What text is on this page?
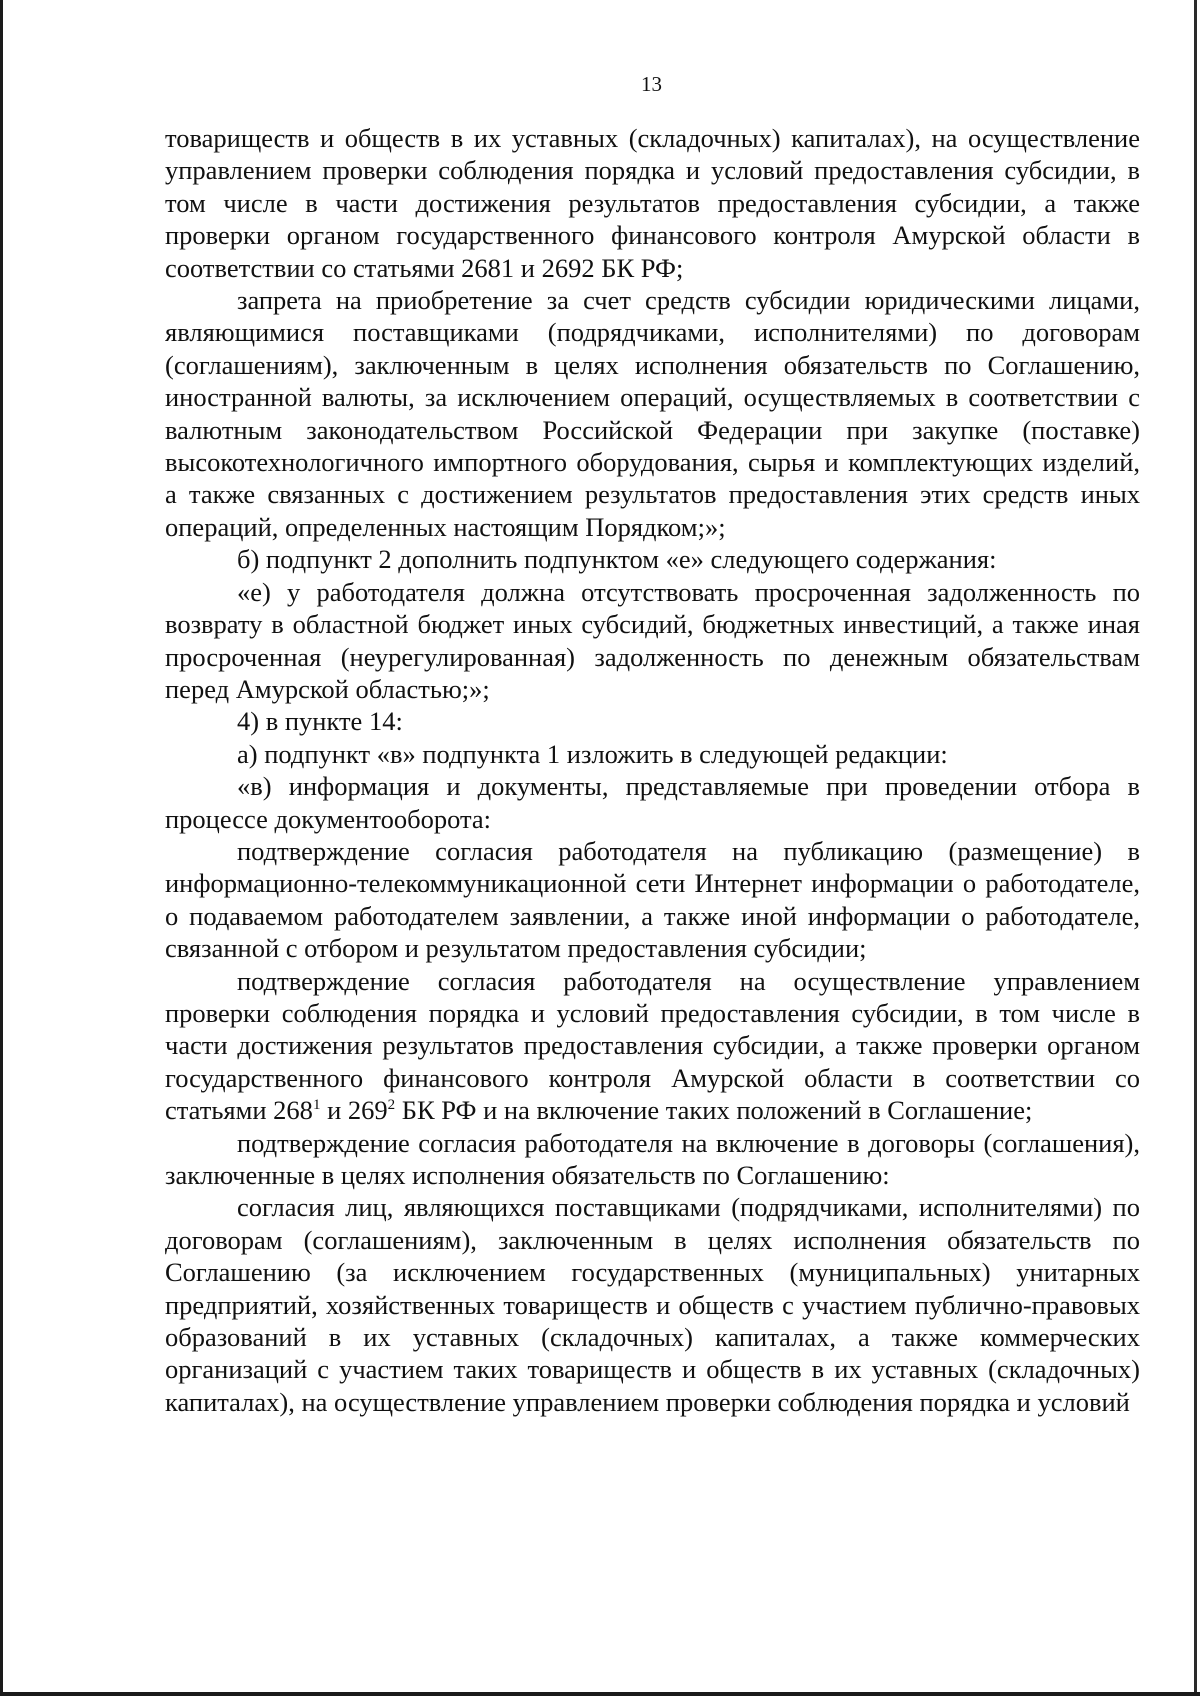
13

товариществ и обществ в их уставных (складочных) капиталах), на осуществление управлением проверки соблюдения порядка и условий предоставления субсидии, в том числе в части достижения результатов предоставления субсидии, а также проверки органом государственного финансового контроля Амурской области в соответствии со статьями 2681 и 2692 БК РФ;

запрета на приобретение за счет средств субсидии юридическими лицами, являющимися поставщиками (подрядчиками, исполнителями) по договорам (соглашениям), заключенным в целях исполнения обязательств по Соглашению, иностранной валюты, за исключением операций, осуществляемых в соответствии с валютным законодательством Российской Федерации при закупке (поставке) высокотехнологичного импортного оборудования, сырья и комплектующих изделий, а также связанных с достижением результатов предоставления этих средств иных операций, определенных настоящим Порядком;»;

б) подпункт 2 дополнить подпунктом «е» следующего содержания:

«е) у работодателя должна отсутствовать просроченная задолженность по возврату в областной бюджет иных субсидий, бюджетных инвестиций, а также иная просроченная (неурегулированная) задолженность по денежным обязательствам перед Амурской областью;»;

4) в пункте 14:

а) подпункт «в» подпункта 1 изложить в следующей редакции:

«в) информация и документы, представляемые при проведении отбора в процессе документооборота:

подтверждение согласия работодателя на публикацию (размещение) в информационно-телекоммуникационной сети Интернет информации о работодателе, о подаваемом работодателем заявлении, а также иной информации о работодателе, связанной с отбором и результатом предоставления субсидии;

подтверждение согласия работодателя на осуществление управлением проверки соблюдения порядка и условий предоставления субсидии, в том числе в части достижения результатов предоставления субсидии, а также проверки органом государственного финансового контроля Амурской области в соответствии со статьями $268^1$ и $269^2$ БК РФ и на включение таких положений в Соглашение;

подтверждение согласия работодателя на включение в договоры (соглашения), заключенные в целях исполнения обязательств по Соглашению:

согласия лиц, являющихся поставщиками (подрядчиками, исполнителями) по договорам (соглашениям), заключенным в целях исполнения обязательств по Соглашению (за исключением государственных (муниципальных) унитарных предприятий, хозяйственных товариществ и обществ с участием публично-правовых образований в их уставных (складочных) капиталах, а также коммерческих организаций с участием таких товариществ и обществ в их уставных (складочных) капиталах), на осуществление управлением проверки соблюдения порядка и условий
